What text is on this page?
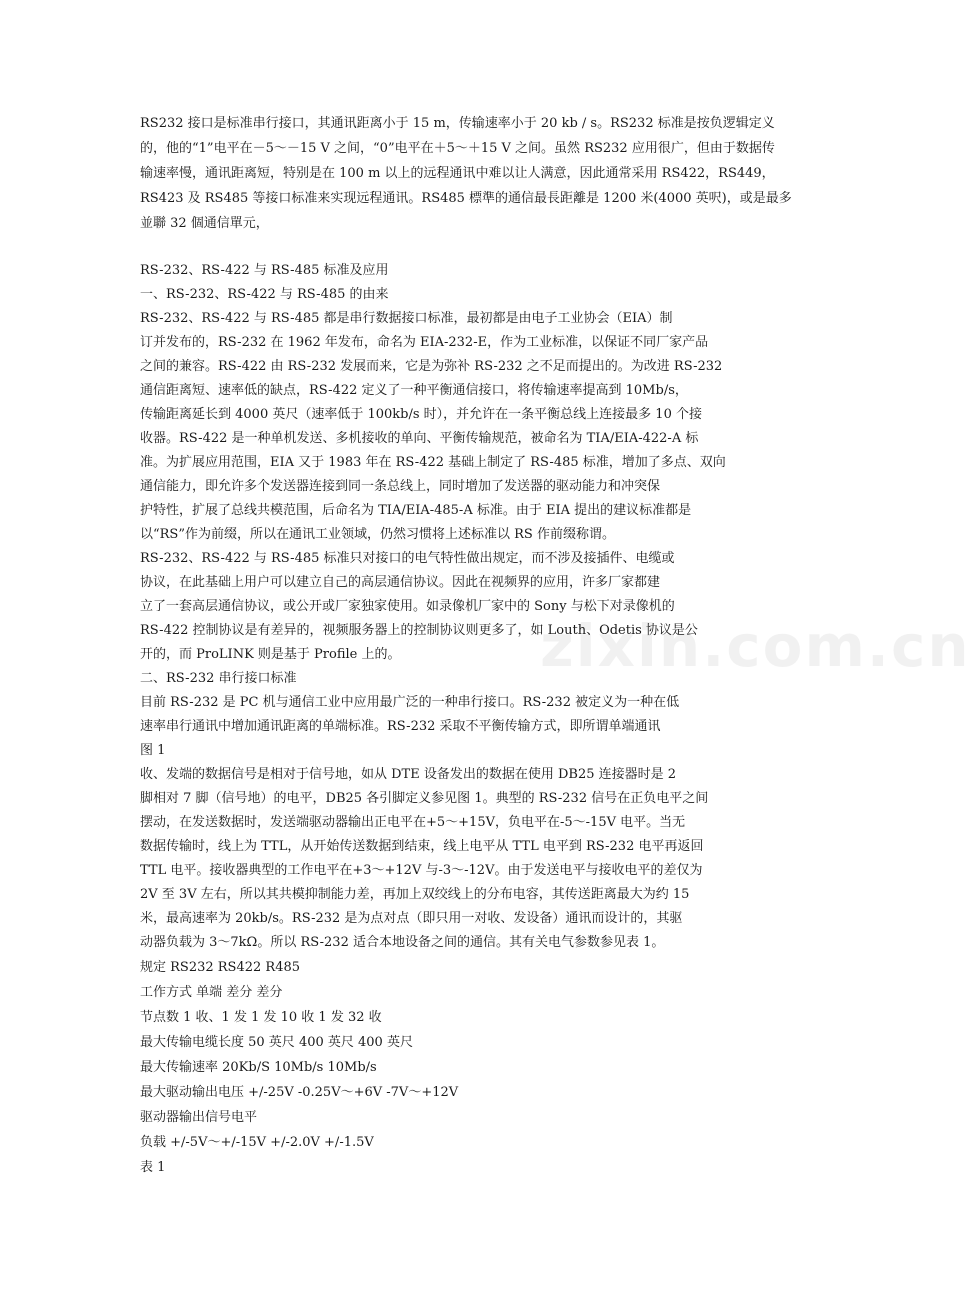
zixin.com.cn
RS232 接口是标准串行接口，其通讯距离小于 15 m，传输速率小于 20 kb / s。RS232 标准是按负逻辑定义
的，他的“1”电平在－5～－15 V 之间，“0”电平在＋5～＋15 V 之间。虽然 RS232 应用很广，但由于数据传
输速率慢，通讯距离短，特别是在 100 m 以上的远程通讯中难以让人满意，因此通常采用 RS422，RS449，
RS423 及 RS485 等接口标准来实现远程通讯。RS485 標準的通信最長距離是 1200 米(4000 英呎)，或是最多
並聯 32 個通信單元，
RS-232、RS-422 与 RS-485 标准及应用
一、RS-232、RS-422 与 RS-485 的由来
RS-232、RS-422 与 RS-485 都是串行数据接口标准，最初都是由电子工业协会（EIA）制
订并发布的，RS-232 在 1962 年发布，命名为 EIA-232-E，作为工业标准，以保证不同厂家产品
之间的兼容。RS-422 由 RS-232 发展而来，它是为弥补 RS-232 之不足而提出的。为改进 RS-232
通信距离短、速率低的缺点，RS-422 定义了一种平衡通信接口，将传输速率提高到 10Mb/s，
传输距离延长到 4000 英尺（速率低于 100kb/s 时），并允许在一条平衡总线上连接最多 10 个接
收器。RS-422 是一种单机发送、多机接收的单向、平衡传输规范，被命名为 TIA/EIA-422-A 标
准。为扩展应用范围，EIA 又于 1983 年在 RS-422 基础上制定了 RS-485 标准，增加了多点、双向
通信能力，即允许多个发送器连接到同一条总线上，同时增加了发送器的驱动能力和冲突保
护特性，扩展了总线共模范围，后命名为 TIA/EIA-485-A 标准。由于 EIA 提出的建议标准都是
以“RS”作为前缀，所以在通讯工业领域，仍然习惯将上述标准以 RS 作前缀称谓。
RS-232、RS-422 与 RS-485 标准只对接口的电气特性做出规定，而不涉及接插件、电缆或
协议，在此基础上用户可以建立自己的高层通信协议。因此在视频界的应用，许多厂家都建
立了一套高层通信协议，或公开或厂家独家使用。如录像机厂家中的 Sony 与松下对录像机的
RS-422 控制协议是有差异的，视频服务器上的控制协议则更多了，如 Louth、Odetis 协议是公
开的，而 ProLINK 则是基于 Profile 上的。
二、RS-232 串行接口标准
目前 RS-232 是 PC 机与通信工业中应用最广泛的一种串行接口。RS-232 被定义为一种在低
速率串行通讯中增加通讯距离的单端标准。RS-232 采取不平衡传输方式，即所谓单端通讯
图 1
收、发端的数据信号是相对于信号地，如从 DTE 设备发出的数据在使用 DB25 连接器时是 2
脚相对 7 脚（信号地）的电平，DB25 各引脚定义参见图 1。典型的 RS-232 信号在正负电平之间
摆动，在发送数据时，发送端驱动器输出正电平在+5～+15V，负电平在-5～-15V 电平。当无
数据传输时，线上为 TTL，从开始传送数据到结束，线上电平从 TTL 电平到 RS-232 电平再返回
TTL 电平。接收器典型的工作电平在+3～+12V 与-3～-12V。由于发送电平与接收电平的差仅为
2V 至 3V 左右，所以其共模抑制能力差，再加上双绞线上的分布电容，其传送距离最大为约 15
米，最高速率为 20kb/s。RS-232 是为点对点（即只用一对收、发设备）通讯而设计的，其驱
动器负载为 3～7kΩ。所以 RS-232 适合本地设备之间的通信。其有关电气参数参见表 1。
规定 RS232 RS422 R485
工作方式 单端 差分 差分
节点数 1 收、1 发 1 发 10 收 1 发 32 收
最大传输电缆长度 50 英尺 400 英尺 400 英尺
最大传输速率 20Kb/S 10Mb/s 10Mb/s
最大驱动输出电压 +/-25V -0.25V～+6V -7V～+12V
驱动器输出信号电平
负载 +/-5V～+/-15V +/-2.0V +/-1.5V
表 1
